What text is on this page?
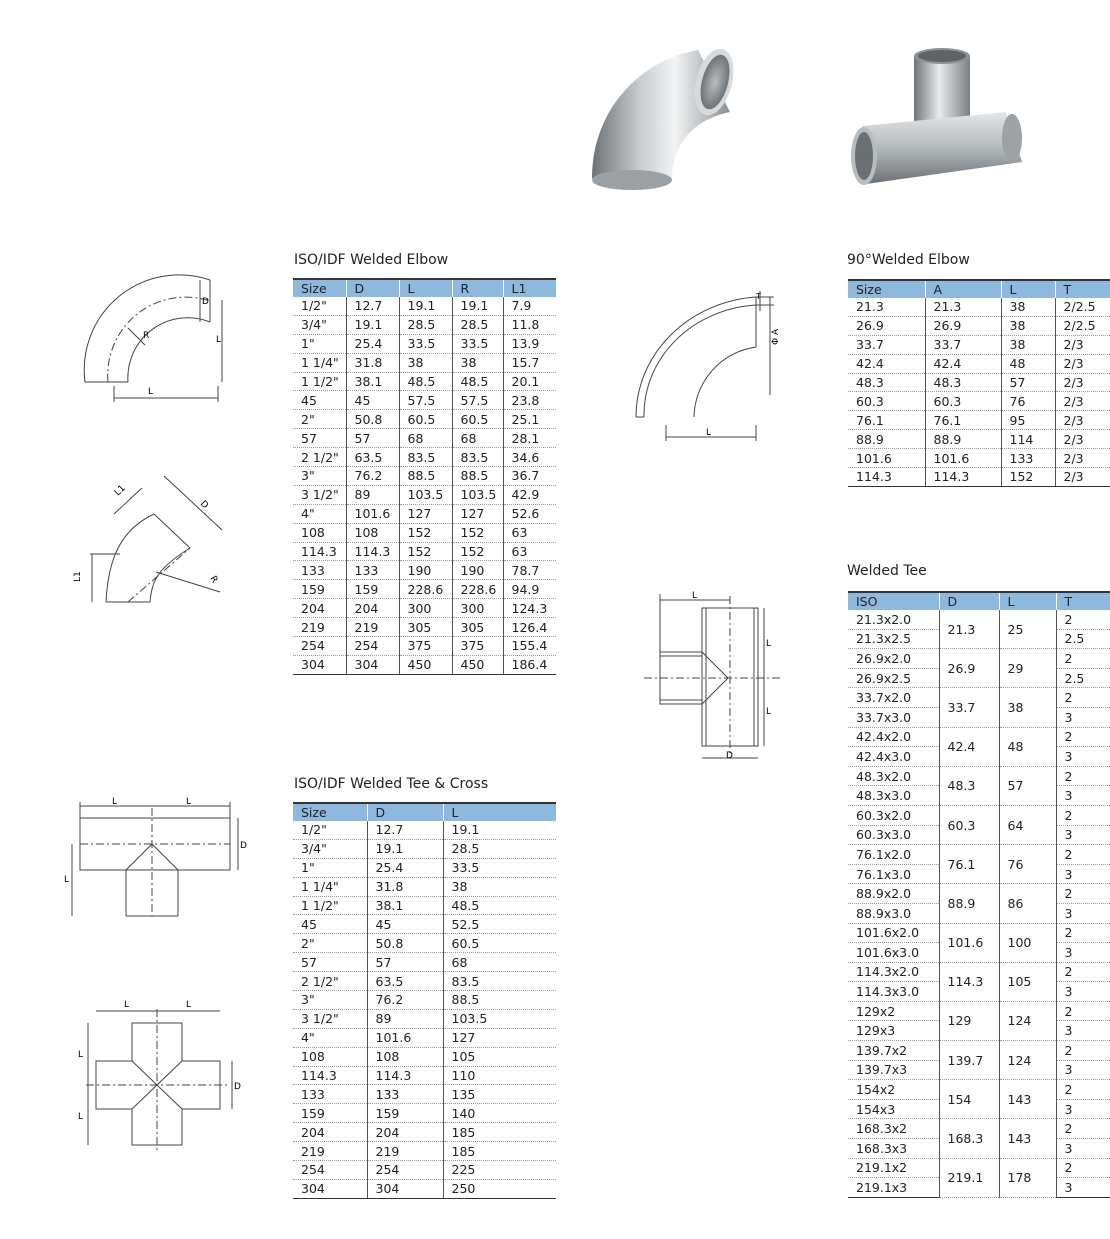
L
D
L
R
L1
L1
D
R
L	L
L
D
L	L
L
L
D
L
T
Φ A
L
L
L
D
ISO/IDF Welded Elbow
ISO/IDF Welded Tee & Cross
90°Welded Elbow
Welded Tee
Size	D	L	R	L1
1/2"	12.7	19.1	19.1	7.9
3/4"	19.1	28.5	28.5	11.8
1"	25.4	33.5	33.5	13.9
1 1/4"	31.8	38	38	15.7
1 1/2"	38.1	48.5	48.5	20.1
45	45	57.5	57.5	23.8
2"	50.8	60.5	60.5	25.1
57	57	68	68	28.1
2 1/2"	63.5	83.5	83.5	34.6
3"	76.2	88.5	88.5	36.7
3 1/2"	89	103.5	103.5	42.9
4"	101.6	127	127	52.6
108	108	152	152	63
114.3	114.3	152	152	63
133	133	190	190	78.7
159	159	228.6	228.6	94.9
204	204	300	300	124.3
219	219	305	305	126.4
254	254	375	375	155.4
304	304	450	450	186.4
Size	D	L
1/2"	12.7	19.1
3/4"	19.1	28.5
1"	25.4	33.5
1 1/4"	31.8	38
1 1/2"	38.1	48.5
45	45	52.5
2"	50.8	60.5
57	57	68
2 1/2"	63.5	83.5
3"	76.2	88.5
3 1/2"	89	103.5
4"	101.6	127
108	108	105
114.3	114.3	110
133	133	135
159	159	140
204	204	185
219	219	185
254	254	225
304	304	250
Size	A	L	T
21.3	21.3	38	2/2.5
26.9	26.9	38	2/2.5
33.7	33.7	38	2/3
42.4	42.4	48	2/3
48.3	48.3	57	2/3
60.3	60.3	76	2/3
76.1	76.1	95	2/3
88.9	88.9	114	2/3
101.6	101.6	133	2/3
114.3	114.3	152	2/3
ISO	D	L	T
21.3x2.0	21.3	25	2
21.3x2.5			2.5
26.9x2.0	26.9	29	2
26.9x2.5			2.5
33.7x2.0	33.7	38	2
33.7x3.0			3
42.4x2.0	42.4	48	2
42.4x3.0			3
48.3x2.0	48.3	57	2
48.3x3.0			3
60.3x2.0	60.3	64	2
60.3x3.0			3
76.1x2.0	76.1	76	2
76.1x3.0			3
88.9x2.0	88.9	86	2
88.9x3.0			3
101.6x2.0	101.6	100	2
101.6x3.0			3
114.3x2.0	114.3	105	2
114.3x3.0			3
129x2	129	124	2
129x3			3
139.7x2	139.7	124	2
139.7x3			3
154x2	154	143	2
154x3			3
168.3x2	168.3	143	2
168.3x3			3
219.1x2	219.1	178	2
219.1x3			3
